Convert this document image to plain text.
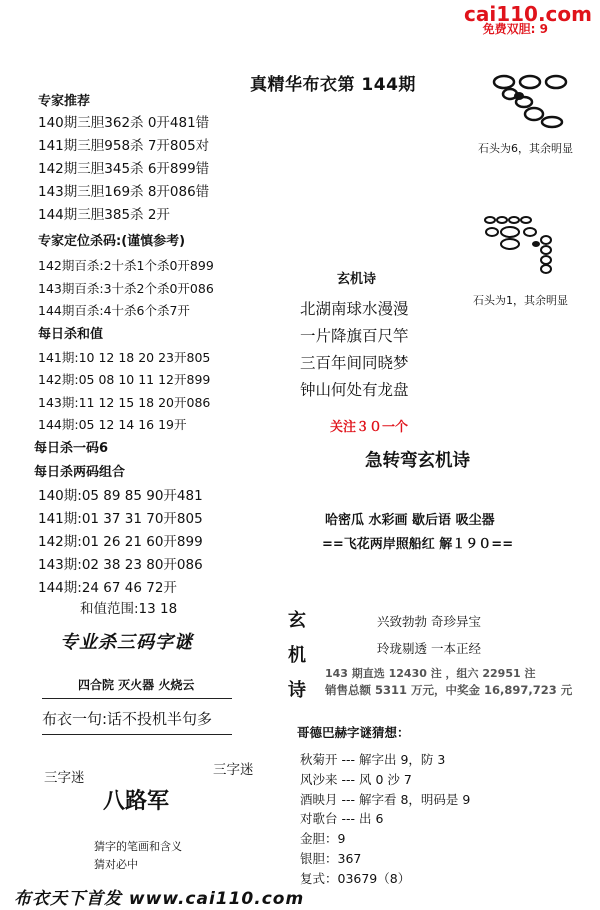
cai110.com
免费双胆: 9
真精华布衣第 144期
专家推荐
140期三胆362杀 0开481错
141期三胆958杀 7开805对
142期三胆345杀 6开899错
143期三胆169杀 8开086错
144期三胆385杀 2开
专家定位杀码:(谨慎参考)
142期百杀:2十杀1个杀0开899
143期百杀:3十杀2个杀0开086
144期百杀:4十杀6个杀7开
每日杀和值
141期:10 12 18 20 23开805
142期:05 08 10 11 12开899
143期:11 12 15 18 20开086
144期:05 12 14 16 19开
每日杀一码6
每日杀两码组合
140期:05 89 85 90开481
141期:01 37 31 70开805
142期:01 26 21 60开899
143期:02 38 23 80开086
144期:24 67 46 72开
和值范围:13 18
专业杀三码字谜
四合院 灭火器 火烧云
布衣一句:话不投机半句多
三字迷
八路军
三字迷
猜字的笔画和含义
猜对必中
石头为6，其余明显
石头为1，其余明显
玄机诗
北湖南球水漫漫
一片降旗百尺竿
三百年间同晓梦
钟山何处有龙盘
关注３０一个
急转弯玄机诗
哈密瓜 水彩画 歇后语 吸尘器
==飞花两岸照船红 解１９０==
玄
机
诗
兴致勃勃 奇珍异宝
玲珑剔透 一本正经
143 期直选 12430 注 ，组六 22951 注
销售总额 5311 万元，中奖金 16,897,723 元
哥德巴赫字谜猜想：
秋菊开 --- 解字出 9，防 3
风沙来 --- 风 0 沙 7
酒映月 --- 解字看 8，明码是 9
对歌台 --- 出 6
金胆：9
银胆：367
复式：03679（8）
布衣天下首发 www.cai110.com
